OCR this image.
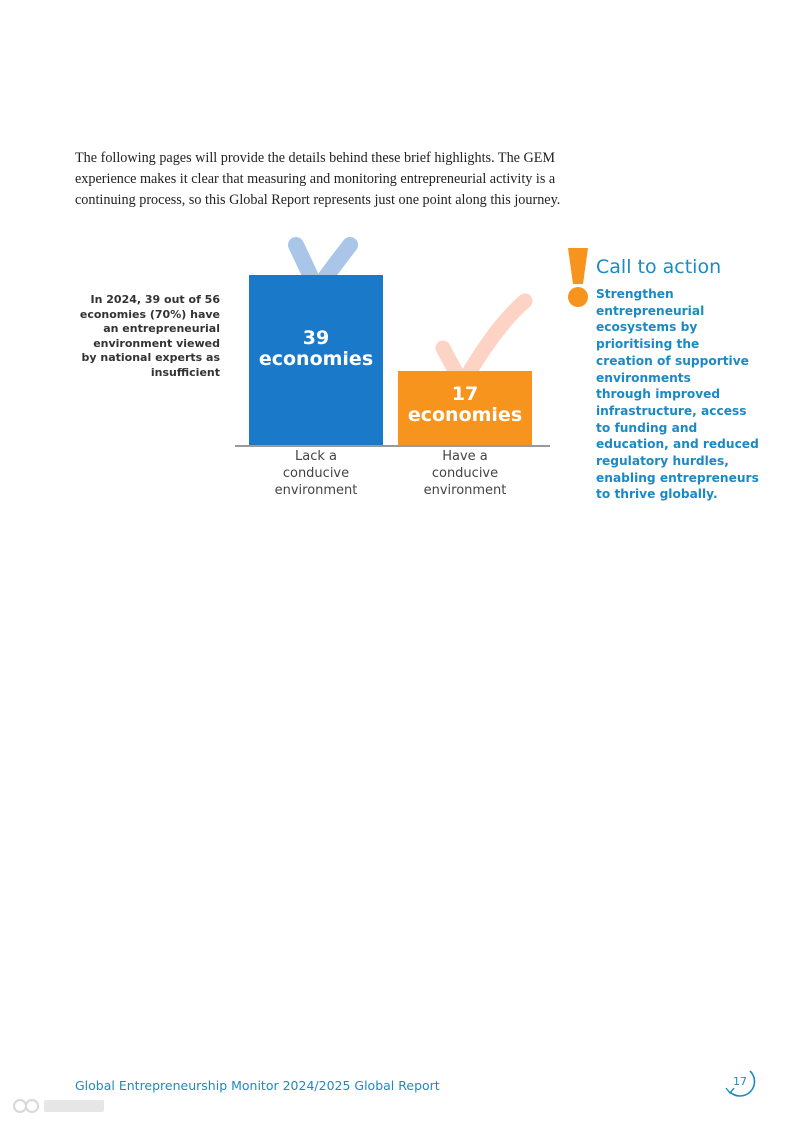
The following pages will provide the details behind these brief highlights. The GEM
experience makes it clear that measuring and monitoring entrepreneurial activity is a
continuing process, so this Global Report represents just one point along this journey.
In 2024, 39 out of 56
economies (70%) have
an entrepreneurial
environment viewed
by national experts as
insufficient
39
economies
Lack a
conducive
environment
17
economies
Have a
conducive
environment
Call to action
Strengthen
entrepreneurial
ecosystems by
prioritising the
creation of supportive
environments
through improved
infrastructure, access
to funding and
education, and reduced
regulatory hurdles,
enabling entrepreneurs
to thrive globally.
Global Entrepreneurship Monitor 2024/2025 Global Report	17
